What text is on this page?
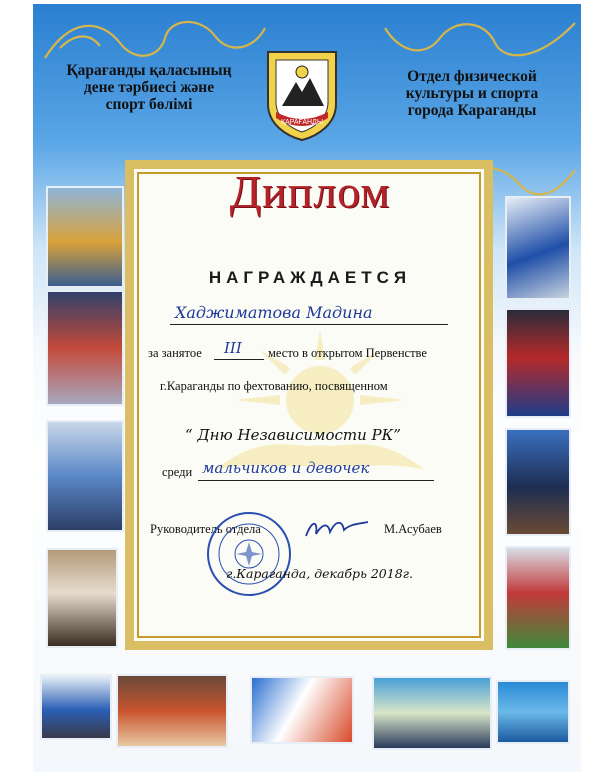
Қарағанды қаласының
дене тәрбиесі және
спорт бөлімі
Отдел физической
культуры и спорта
города Караганды
ҚАРАҒАНДЫ
Диплом
НАГРАЖДАЕТСЯ
Хаджиматова Мадина
за занятое III место в открытом Первенстве
г.Караганды по фехтованию, посвященном
“ Дню Независимости РК”
среди мальчиков и девочек
Руководитель отдела	М.Асубаев
г.Караганда, декабрь 2018г.
